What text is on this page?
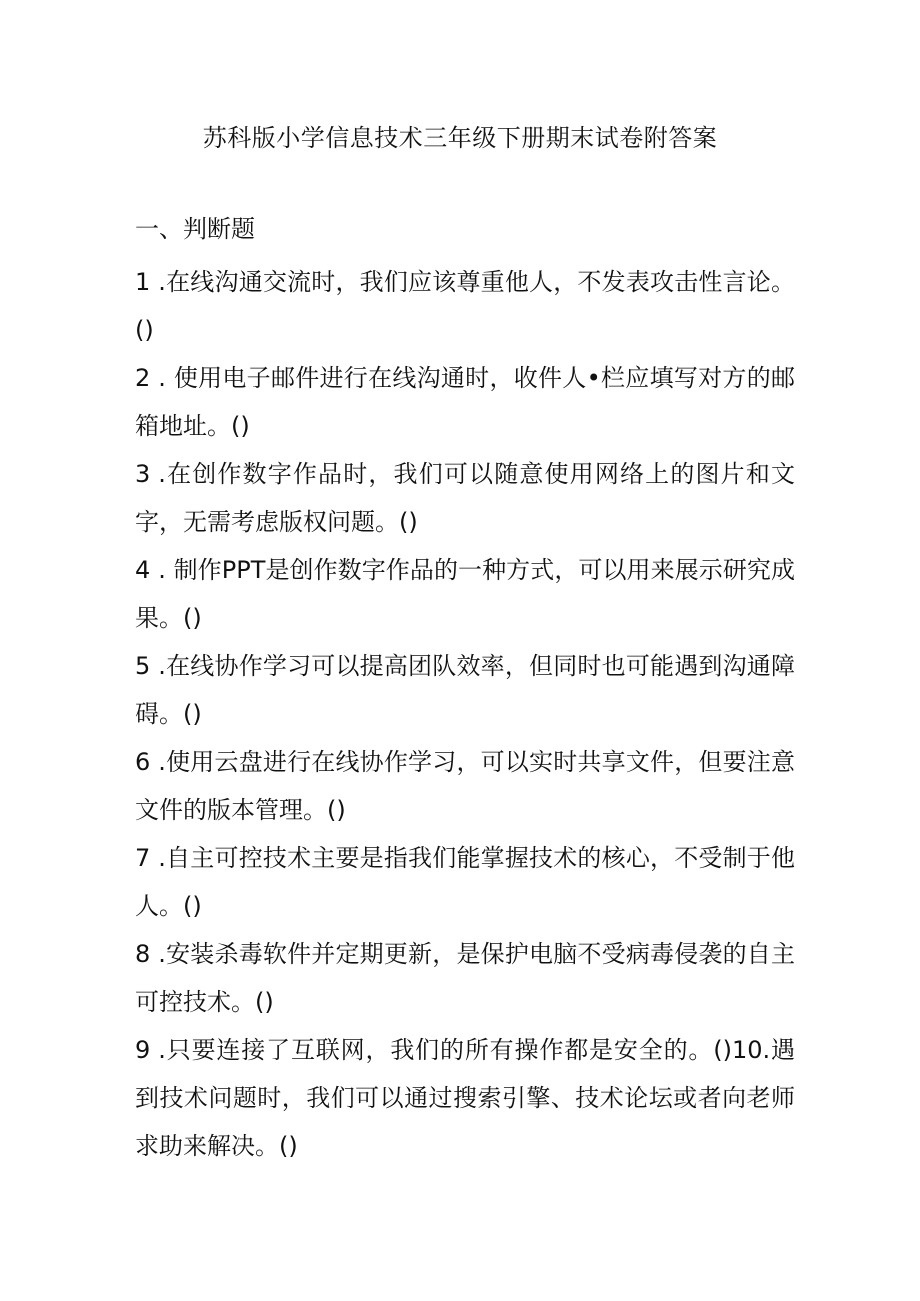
苏科版小学信息技术三年级下册期末试卷附答案
一、判断题

1 .在线沟通交流时，我们应该尊重他人，不发表攻击性言论。()

2 . 使用电子邮件进行在线沟通时，收件人•栏应填写对方的邮箱地址。()

3 .在创作数字作品时，我们可以随意使用网络上的图片和文字，无需考虑版权问题。()

4 . 制作PPT是创作数字作品的一种方式，可以用来展示研究成果。()

5 .在线协作学习可以提高团队效率，但同时也可能遇到沟通障碍。()

6 .使用云盘进行在线协作学习，可以实时共享文件，但要注意文件的版本管理。()

7 .自主可控技术主要是指我们能掌握技术的核心，不受制于他人。()

8 .安装杀毒软件并定期更新，是保护电脑不受病毒侵袭的自主可控技术。()

9 .只要连接了互联网，我们的所有操作都是安全的。()10.遇到技术问题时，我们可以通过搜索引擎、技术论坛或者向老师求助来解决。()
